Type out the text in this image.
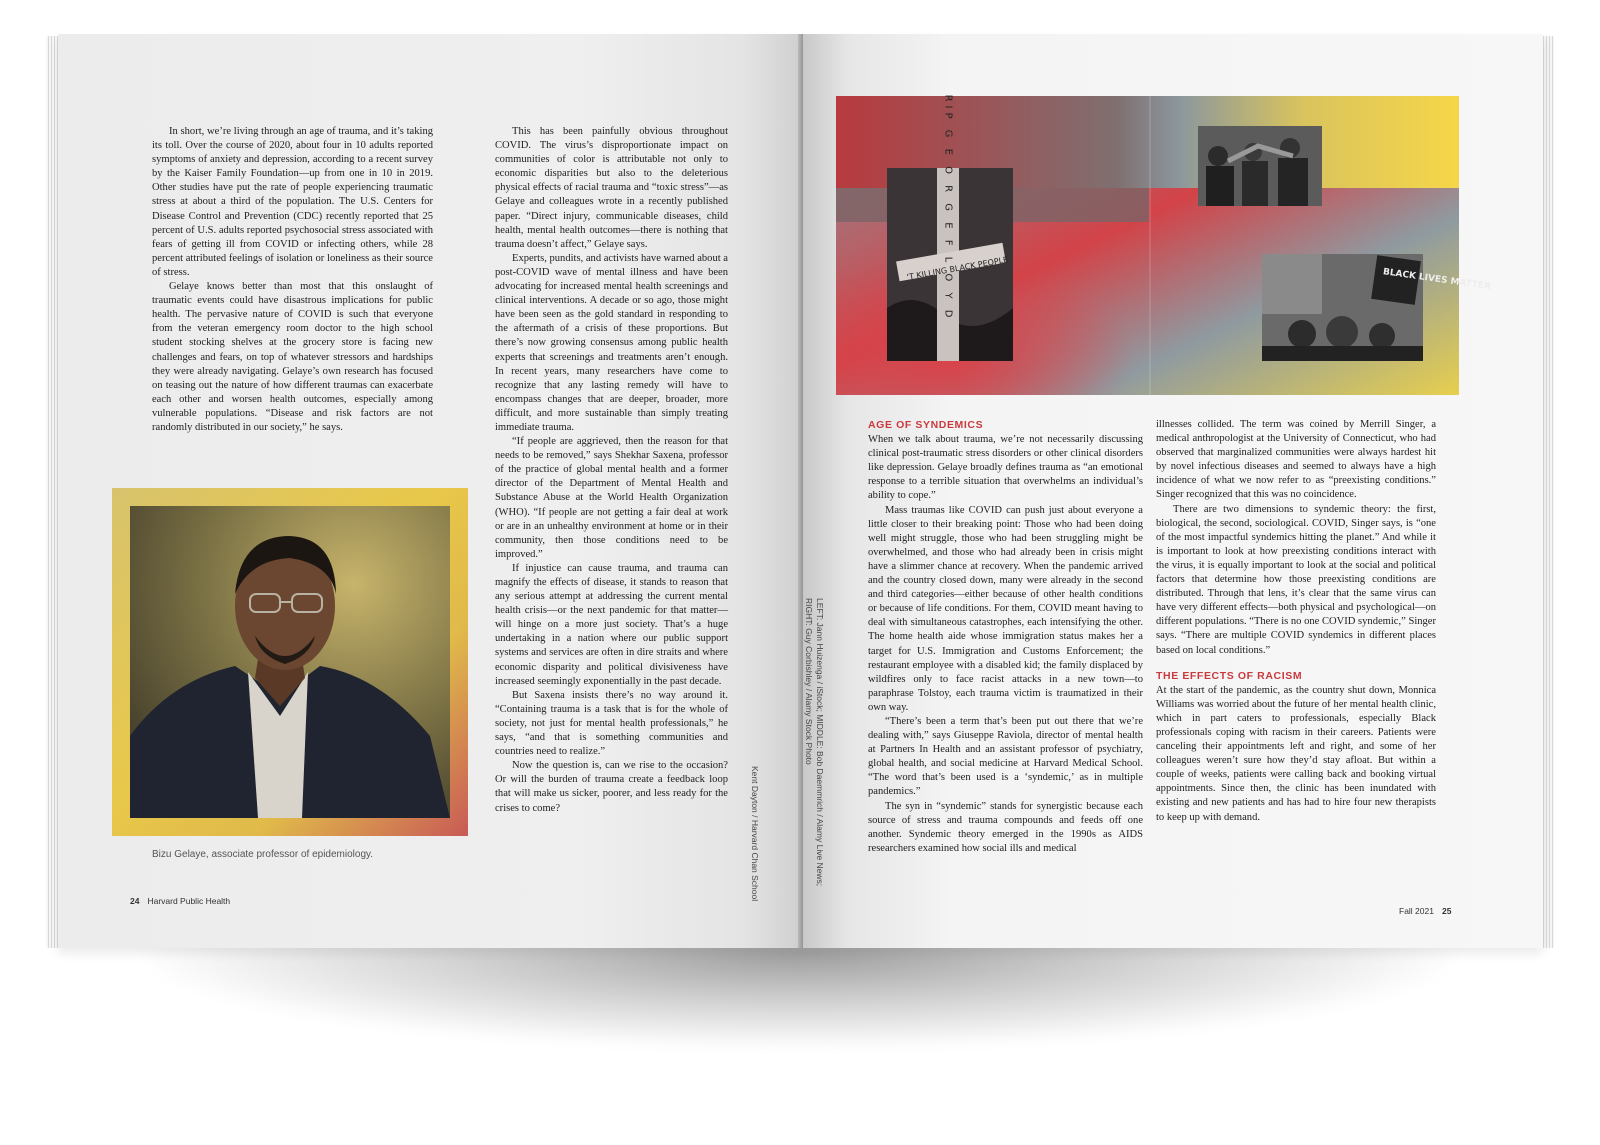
In short, we’re living through an age of trauma, and it’s taking its toll. Over the course of 2020, about four in 10 adults reported symptoms of anxiety and depression, according to a recent survey by the Kaiser Family Foundation—up from one in 10 in 2019. Other studies have put the rate of people experiencing traumatic stress at about a third of the population. The U.S. Centers for Disease Control and Prevention (CDC) recently reported that 25 percent of U.S. adults reported psychosocial stress associated with fears of getting ill from COVID or infecting others, while 28 percent attributed feelings of isolation or loneliness as their source of stress.

Gelaye knows better than most that this onslaught of traumatic events could have disastrous implications for public health. The pervasive nature of COVID is such that everyone from the veteran emergency room doctor to the high school student stocking shelves at the grocery store is facing new challenges and fears, on top of whatever stressors and hardships they were already navigating. Gelaye’s own research has focused on teasing out the nature of how different traumas can exacerbate each other and worsen health outcomes, especially among vulnerable populations. “Disease and risk factors are not randomly distributed in our society,” he says.

This has been painfully obvious throughout COVID. The virus’s disproportionate impact on communities of color is attributable not only to economic disparities but also to the deleterious physical effects of racial trauma and “toxic stress”—as Gelaye and colleagues wrote in a recently published paper. “Direct injury, communicable diseases, child health, mental health outcomes—there is nothing that trauma doesn’t affect,” Gelaye says.

Experts, pundits, and activists have warned about a post-COVID wave of mental illness and have been advocating for increased mental health screenings and clinical interventions. A decade or so ago, those might have been seen as the gold standard in responding to the aftermath of a crisis of these proportions. But there’s now growing consensus among public health experts that screenings and treatments aren’t enough. In recent years, many researchers have come to recognize that any lasting remedy will have to encompass changes that are deeper, broader, more difficult, and more sustainable than simply treating immediate trauma.

“If people are aggrieved, then the reason for that needs to be removed,” says Shekhar Saxena, professor of the practice of global mental health and a former director of the Department of Mental Health and Substance Abuse at the World Health Organization (WHO). “If people are not getting a fair deal at work or are in an unhealthy environment at home or in their community, then those conditions need to be improved.”

If injustice can cause trauma, and trauma can magnify the effects of disease, it stands to reason that any serious attempt at addressing the current mental health crisis—or the next pandemic for that matter—will hinge on a more just society. That’s a huge undertaking in a nation where our public support systems and services are often in dire straits and where economic disparity and political divisiveness have increased seemingly exponentially in the past decade.

But Saxena insists there’s no way around it. “Containing trauma is a task that is for the whole of society, not just for mental health professionals,” he says, “and that is something communities and countries need to realize.”

Now the question is, can we rise to the occasion? Or will the burden of trauma create a feedback loop that will make us sicker, poorer, and less ready for the crises to come?

Bizu Gelaye, associate professor of epidemiology.	Kent Dayton / Harvard Chan School
24 Harvard Public Health
RIP G E O R G E F L O Y D
'T KILLING BLACK PEOPLE	BLACK LIVES MATTER
LEFT: Jann Huizenga / iStock; MIDDLE: Bob Daemmrich / Alamy Live News;
RIGHT: Guy Corbishley / Alamy Stock Photo
AGE OF SYNDEMICS

When we talk about trauma, we’re not necessarily discussing clinical post-traumatic stress disorders or other clinical disorders like depression. Gelaye broadly defines trauma as “an emotional response to a terrible situation that overwhelms an individual’s ability to cope.”

Mass traumas like COVID can push just about everyone a little closer to their breaking point: Those who had been doing well might struggle, those who had been struggling might be overwhelmed, and those who had already been in crisis might have a slimmer chance at recovery. When the pandemic arrived and the country closed down, many were already in the second and third categories—either because of other health conditions or because of life conditions. For them, COVID meant having to deal with simultaneous catastrophes, each intensifying the other. The home health aide whose immigration status makes her a target for U.S. Immigration and Customs Enforcement; the restaurant employee with a disabled kid; the family displaced by wildfires only to face racist attacks in a new town—to paraphrase Tolstoy, each trauma victim is traumatized in their own way.

“There’s been a term that’s been put out there that we’re dealing with,” says Giuseppe Raviola, director of mental health at Partners In Health and an assistant professor of psychiatry, global health, and social medicine at Harvard Medical School. “The word that’s been used is a ‘syndemic,’ as in multiple pandemics.”

The syn in “syndemic” stands for synergistic because each source of stress and trauma compounds and feeds off one another. Syndemic theory emerged in the 1990s as AIDS researchers examined how social ills and medical

illnesses collided. The term was coined by Merrill Singer, a medical anthropologist at the University of Connecticut, who had observed that marginalized communities were always hardest hit by novel infectious diseases and seemed to always have a high incidence of what we now refer to as “preexisting conditions.” Singer recognized that this was no coincidence.

There are two dimensions to syndemic theory: the first, biological, the second, sociological. COVID, Singer says, is “one of the most impactful syndemics hitting the planet.” And while it is important to look at how preexisting conditions interact with the virus, it is equally important to look at the social and political factors that determine how those preexisting conditions are distributed. Through that lens, it’s clear that the same virus can have very different effects—both physical and psychological—on different populations. “There is no one COVID syndemic,” Singer says. “There are multiple COVID syndemics in different places based on local conditions.”

THE EFFECTS OF RACISM

At the start of the pandemic, as the country shut down, Monnica Williams was worried about the future of her mental health clinic, which in part caters to professionals, especially Black professionals coping with racism in their careers. Patients were canceling their appointments left and right, and some of her colleagues weren’t sure how they’d stay afloat. But within a couple of weeks, patients were calling back and booking virtual appointments. Since then, the clinic has been inundated with existing and new patients and has had to hire four new therapists to keep up with demand.

Fall 2021 25
